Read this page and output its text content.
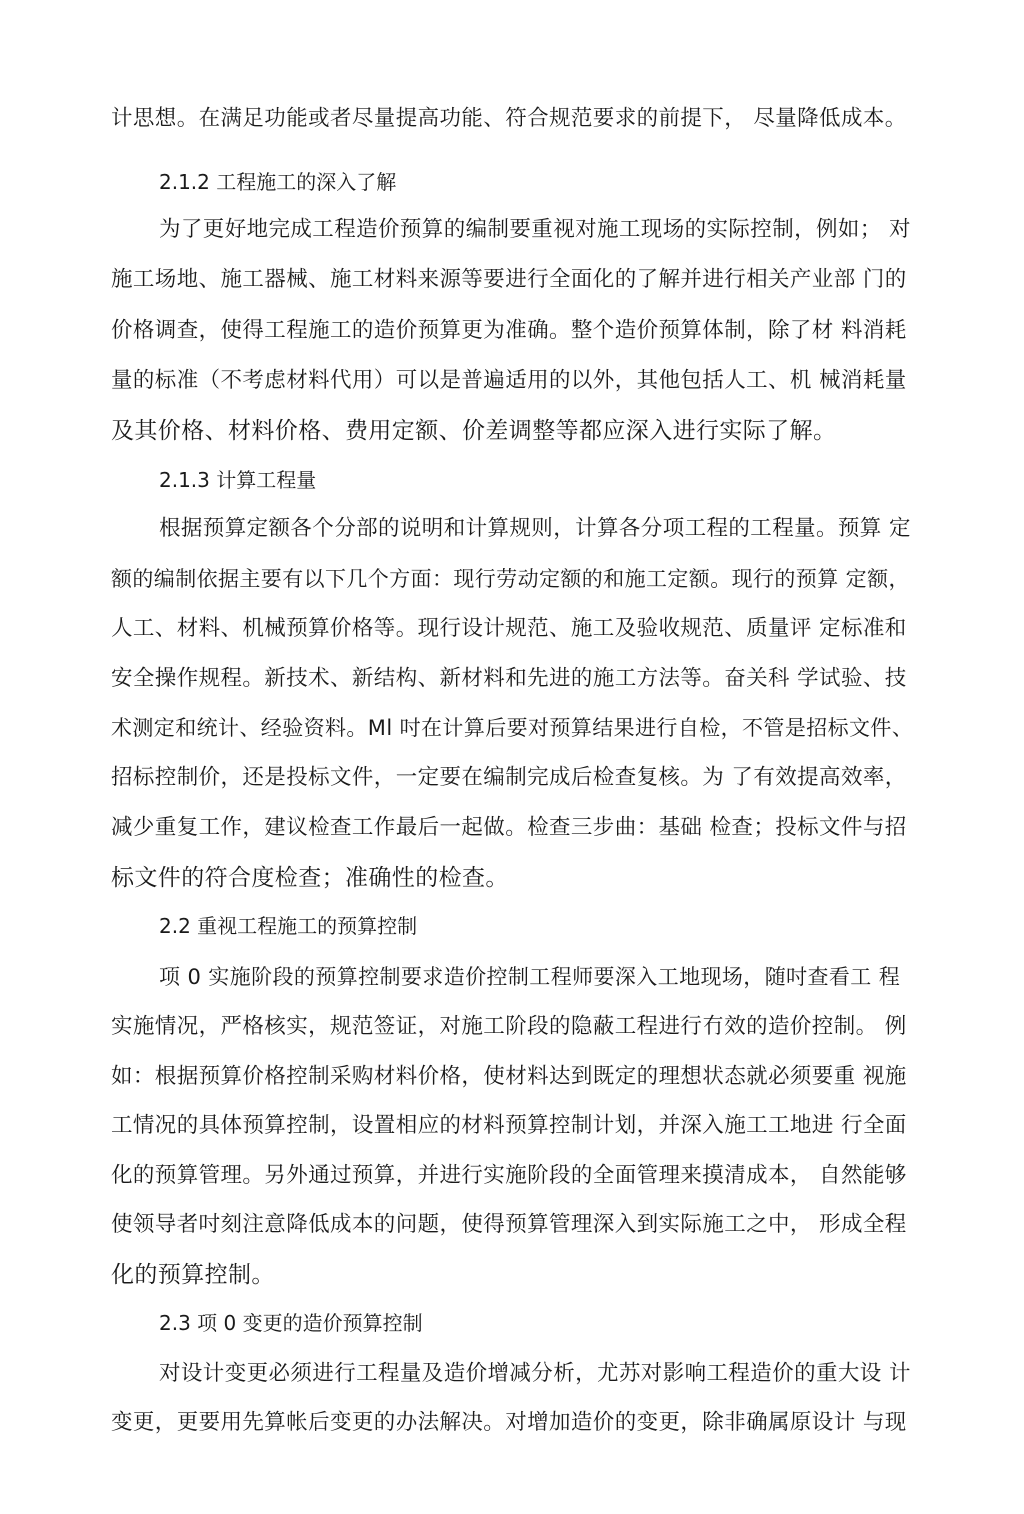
计思想。在满足功能或者尽量提高功能、符合规范要求的前提下， 尽量降低成本。
2.1.2 工程施工的深入了解
为了更好地完成工程造价预算的编制要重视对施工现场的实际控制，例如； 对
施工场地、施工器械、施工材料来源等要进行全面化的了解并进行相关产业部 门的
价格调查，使得工程施工的造价预算更为准确。整个造价预算体制，除了材 料消耗
量的标准（不考虑材料代用）可以是普遍适用的以外，其他包括人工、机 械消耗量
及其价格、材料价格、费用定额、价差调整等都应深入进行实际了解。
2.1.3 计算工程量
根据预算定额各个分部的说明和计算规则，计算各分项工程的工程量。预算 定
额的编制依据主要有以下几个方面：现行劳动定额的和施工定额。现行的预算 定额，
人工、材料、机械预算价格等。现行设计规范、施工及验收规范、质量评 定标准和
安全操作规程。新技术、新结构、新材料和先进的施工方法等。奋关科 学试验、技
术测定和统计、经验资料。Ml 吋在计算后要对预算结果进行自检，不管是招标文件、
招标控制价，还是投标文件，一定要在编制完成后检查复核。为 了有效提高效率，
减少重复工作，建议检查工作最后一起做。检查三步曲：基础 检查；投标文件与招
标文件的符合度检查；准确性的检查。
2.2 重视工程施工的预算控制
项 0 实施阶段的预算控制要求造价控制工程师要深入工地现场，随吋查看工 程
实施情况，严格核实，规范签证，对施工阶段的隐蔽工程进行冇效的造价控制。 例
如：根据预算价格控制采购材料价格，使材料达到既定的理想状态就必须要重 视施
工情况的具体预算控制，设置相应的材料预算控制计划，并深入施工工地进 行全面
化的预算管理。另外通过预算，并进行实施阶段的全面管理来摸清成本， 自然能够
使领导者吋刻注意降低成本的问题，使得预算管理深入到实际施工之中， 形成全程
化的预算控制。
2.3 项 0 变更的造价预算控制
对设计变更必须进行工程量及造价增减分析，尤苏对影响工程造价的重大设 计
变更，更要用先算帐后变更的办法解决。对增加造价的变更，除非确属原设计 与现
